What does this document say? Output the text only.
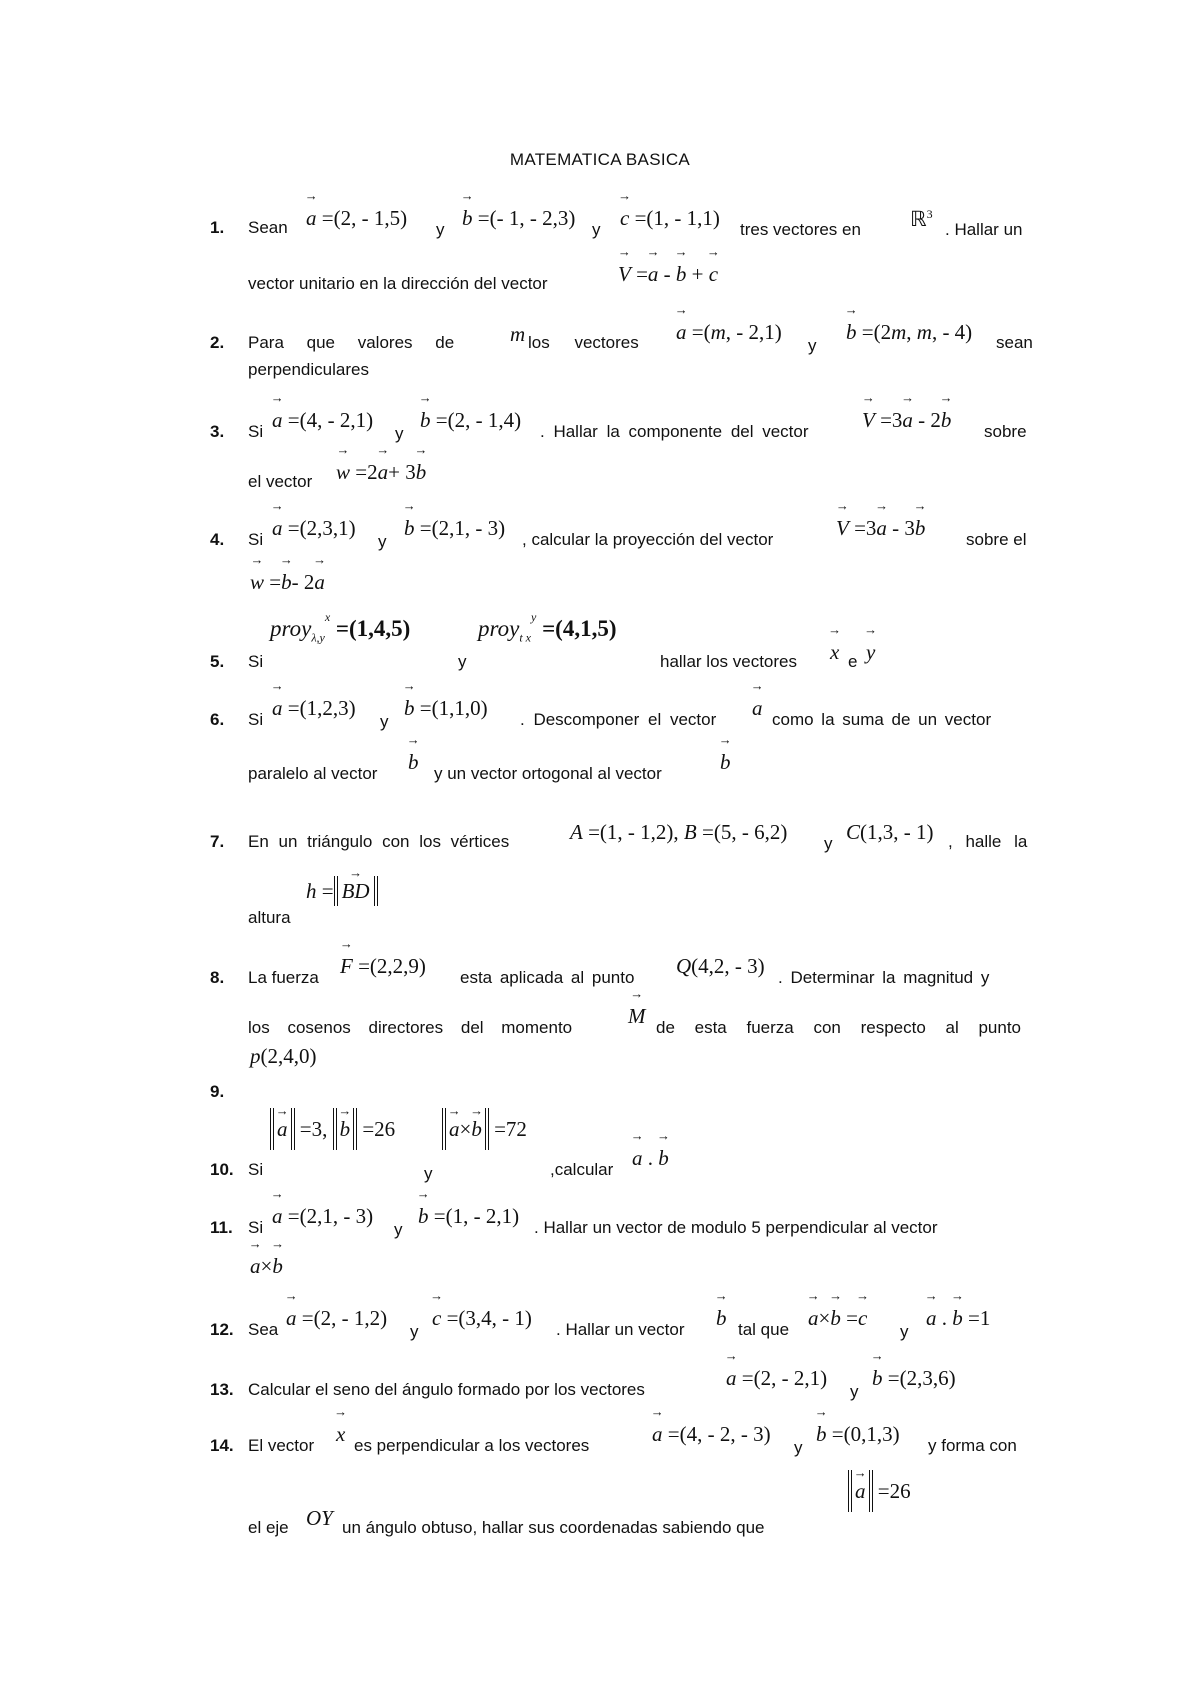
MATEMATICA BASICA
1. Sean → a =(2, - 1,5) y → b =(- 1, - 2,3) y → c =(1, - 1,1) tres vectores en ℝ$^3$
. Hallar un
vector unitario en la dirección del vector	→ V =→ a - → b + → c
2. Para que valores de	m los vectores → a =(m, - 2,1)
y
→ b =(2m, m, - 4) sean
perpendiculares
3. Si → a =(4, - 2,1)
y
→ b =(2, - 1,4) . Hallar la componente del vector	→ V =3→ a - 2→ b sobre
el vector → w =2→ a+ 3→ b
4. Si → a =(2,3,1)
y
→ b =(2,1, - 3) , calcular la proyección del vector	→ V =3→ a - 3→ b sobre el
→ w =→ b- 2→ a
5. Si
proy$_{\lambda,y}^x$ =(1,4,5)
y
proy$_{t x}^y$ =(4,1,5)
hallar los vectores → x e → y
6. Si → a =(1,2,3)
y
→ b =(1,1,0) . Descomponer el vector → a como la suma de un vector
paralelo al vector → b y un vector ortogonal al vector	→ b
7. En un triángulo con los vértices	A =(1, - 1,2), B =(5, - 6,2) y C(1,3, - 1) , halle la
h = → BD
altura
8. La fuerza → F =(2,2,9) esta aplicada al punto Q(4,2, - 3) . Determinar la magnitud y
los cosenos directores del momento	→ M de esta fuerza con respecto al punto
p(2,4,0)
9.
10. Si
→ a =3, → b =26
y
→ a×→ b =72
,calcular → a . → b
11. Si → a =(2,1, - 3)
y
→ b =(1, - 2,1) . Hallar un vector de modulo 5 perpendicular al vector
→ a×→ b
12. Sea → a =(2, - 1,2)
y
→ c =(3,4, - 1) . Hallar un vector → b tal que → a×→ b =→ c
y
→ a . → b =1
13. Calcular el seno del ángulo formado por los vectores	→ a =(2, - 2,1)
y
→ b =(2,3,6)
14. El vector → x es perpendicular a los vectores	→ a =(4, - 2, - 3)
y
→ b =(0,1,3) y forma con
el eje OY un ángulo obtuso, hallar sus coordenadas sabiendo que
→ a =26
